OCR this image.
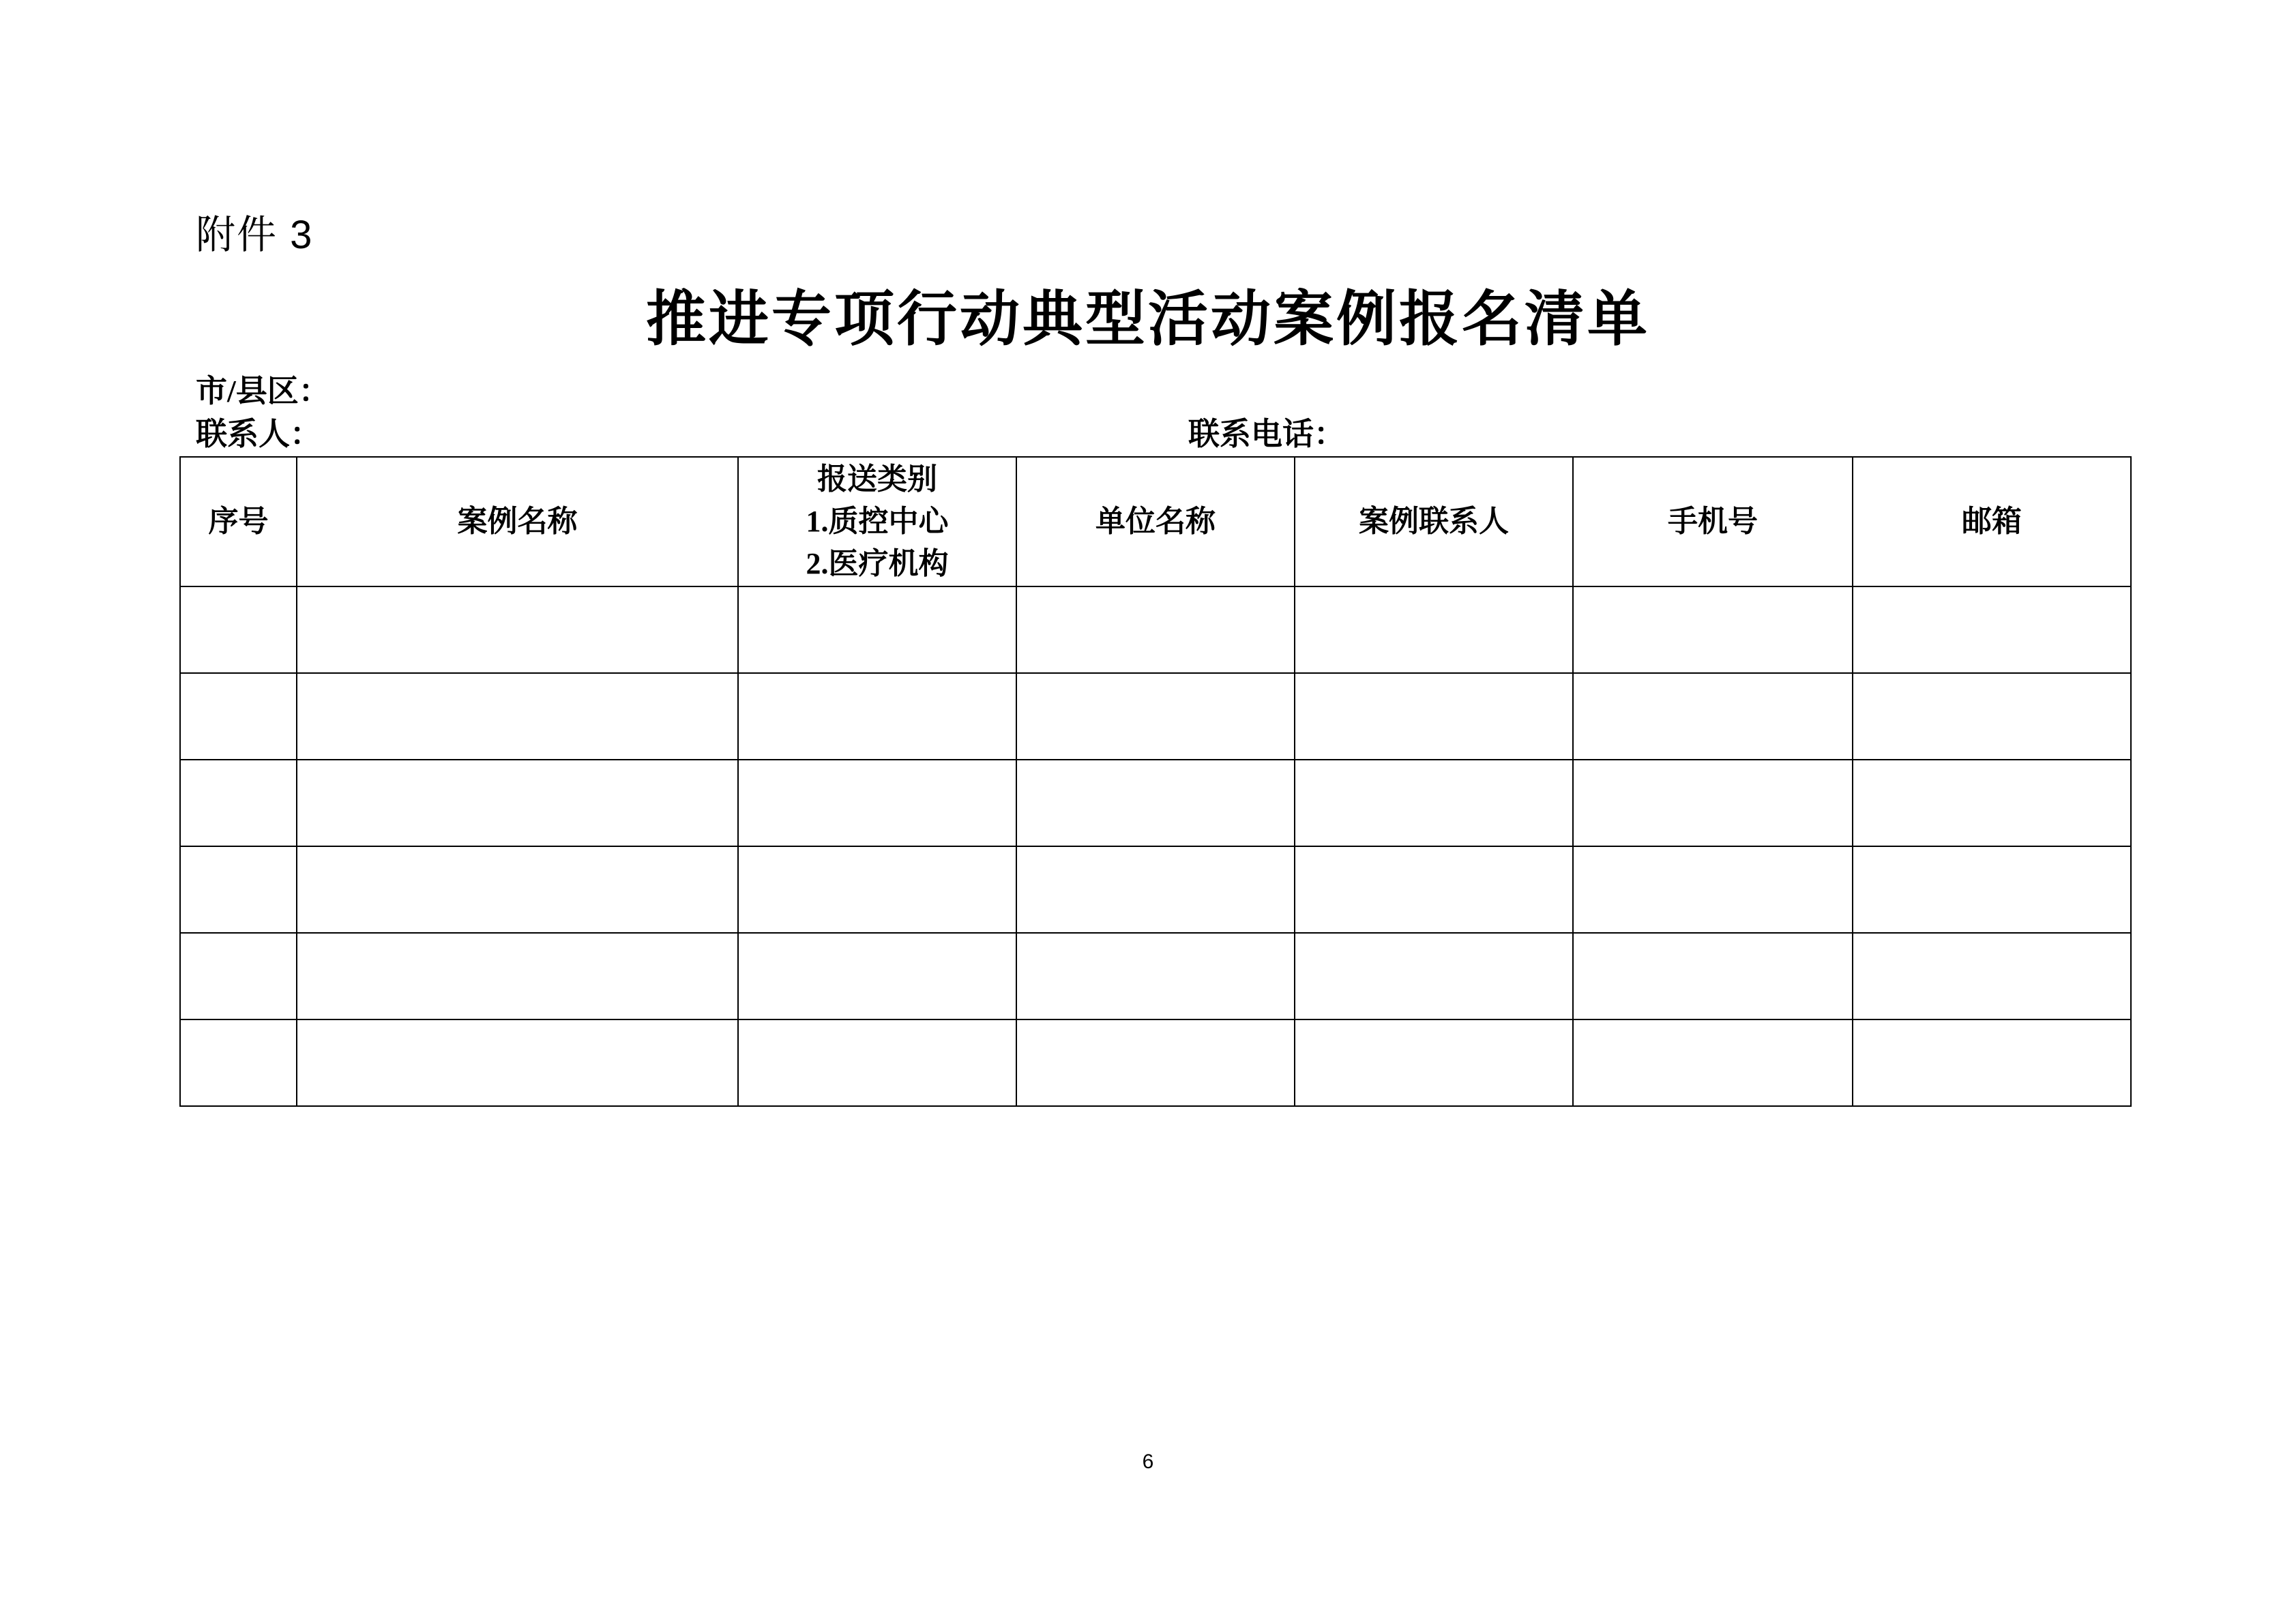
附件 3
推进专项行动典型活动案例报名清单
市/县区：
联系人：	联系电话：
序号	案例名称	报送类别
1.质控中心
2.医疗机构	单位名称	案例联系人	手机号	邮箱

6
